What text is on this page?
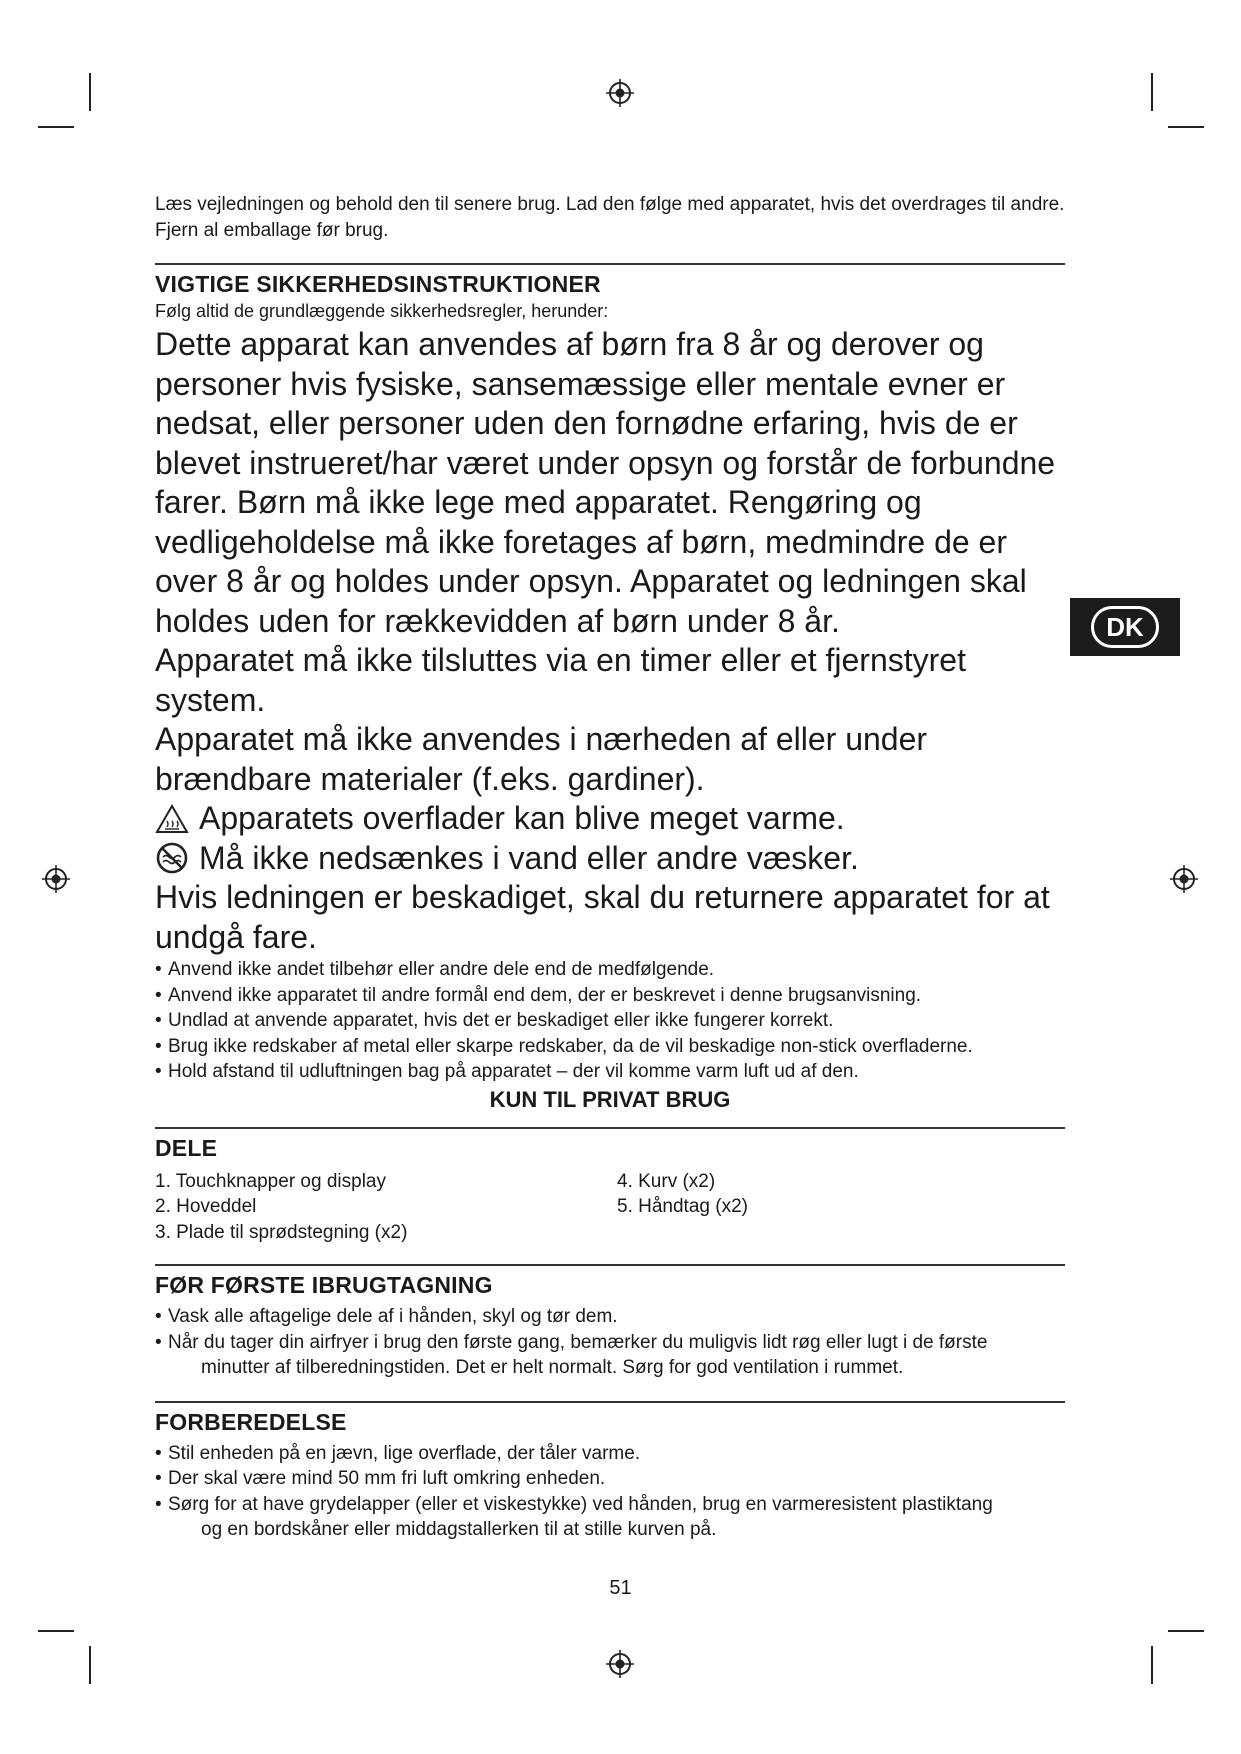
DK

Læs vejledningen og behold den til senere brug. Lad den følge med apparatet, hvis det overdrages til andre. Fjern al emballage før brug.

VIGTIGE SIKKERHEDSINSTRUKTIONER

Følg altid de grundlæggende sikkerhedsregler, herunder:

Dette apparat kan anvendes af børn fra 8 år og derover og personer hvis fysiske, sansemæssige eller mentale evner er nedsat, eller personer uden den fornødne erfaring, hvis de er blevet instrueret/har været under opsyn og forstår de forbundne farer. Børn må ikke lege med apparatet. Rengøring og vedligeholdelse må ikke foretages af børn, medmindre de er over 8 år og holdes under opsyn. Apparatet og ledningen skal holdes uden for rækkevidden af børn under 8 år.

Apparatet må ikke tilsluttes via en timer eller et fjernstyret system.

Apparatet må ikke anvendes i nærheden af eller under brændbare materialer (f.eks. gardiner).

Apparatets overflader kan blive meget varme.
Må ikke nedsænkes i vand eller andre væsker.

Hvis ledningen er beskadiget, skal du returnere apparatet for at undgå fare.

• Anvend ikke andet tilbehør eller andre dele end de medfølgende.
• Anvend ikke apparatet til andre formål end dem, der er beskrevet i denne brugsanvisning.
• Undlad at anvende apparatet, hvis det er beskadiget eller ikke fungerer korrekt.
• Brug ikke redskaber af metal eller skarpe redskaber, da de vil beskadige non-stick overfladerne.
• Hold afstand til udluftningen bag på apparatet – der vil komme varm luft ud af den.
KUN TIL PRIVAT BRUG
DELE
1. Touchknapper og display
2. Hoveddel
3. Plade til sprødstegning (x2)
4. Kurv (x2)
5. Håndtag (x2)
FØR FØRSTE IBRUGTAGNING
• Vask alle aftagelige dele af i hånden, skyl og tør dem.
• Når du tager din airfryer i brug den første gang, bemærker du muligvis lidt røg eller lugt i de første
minutter af tilberedningstiden. Det er helt normalt. Sørg for god ventilation i rummet.
FORBEREDELSE
• Stil enheden på en jævn, lige overflade, der tåler varme.
• Der skal være mind 50 mm fri luft omkring enheden.
• Sørg for at have grydelapper (eller et viskestykke) ved hånden, brug en varmeresistent plastiktang
og en bordskåner eller middagstallerken til at stille kurven på.
51
